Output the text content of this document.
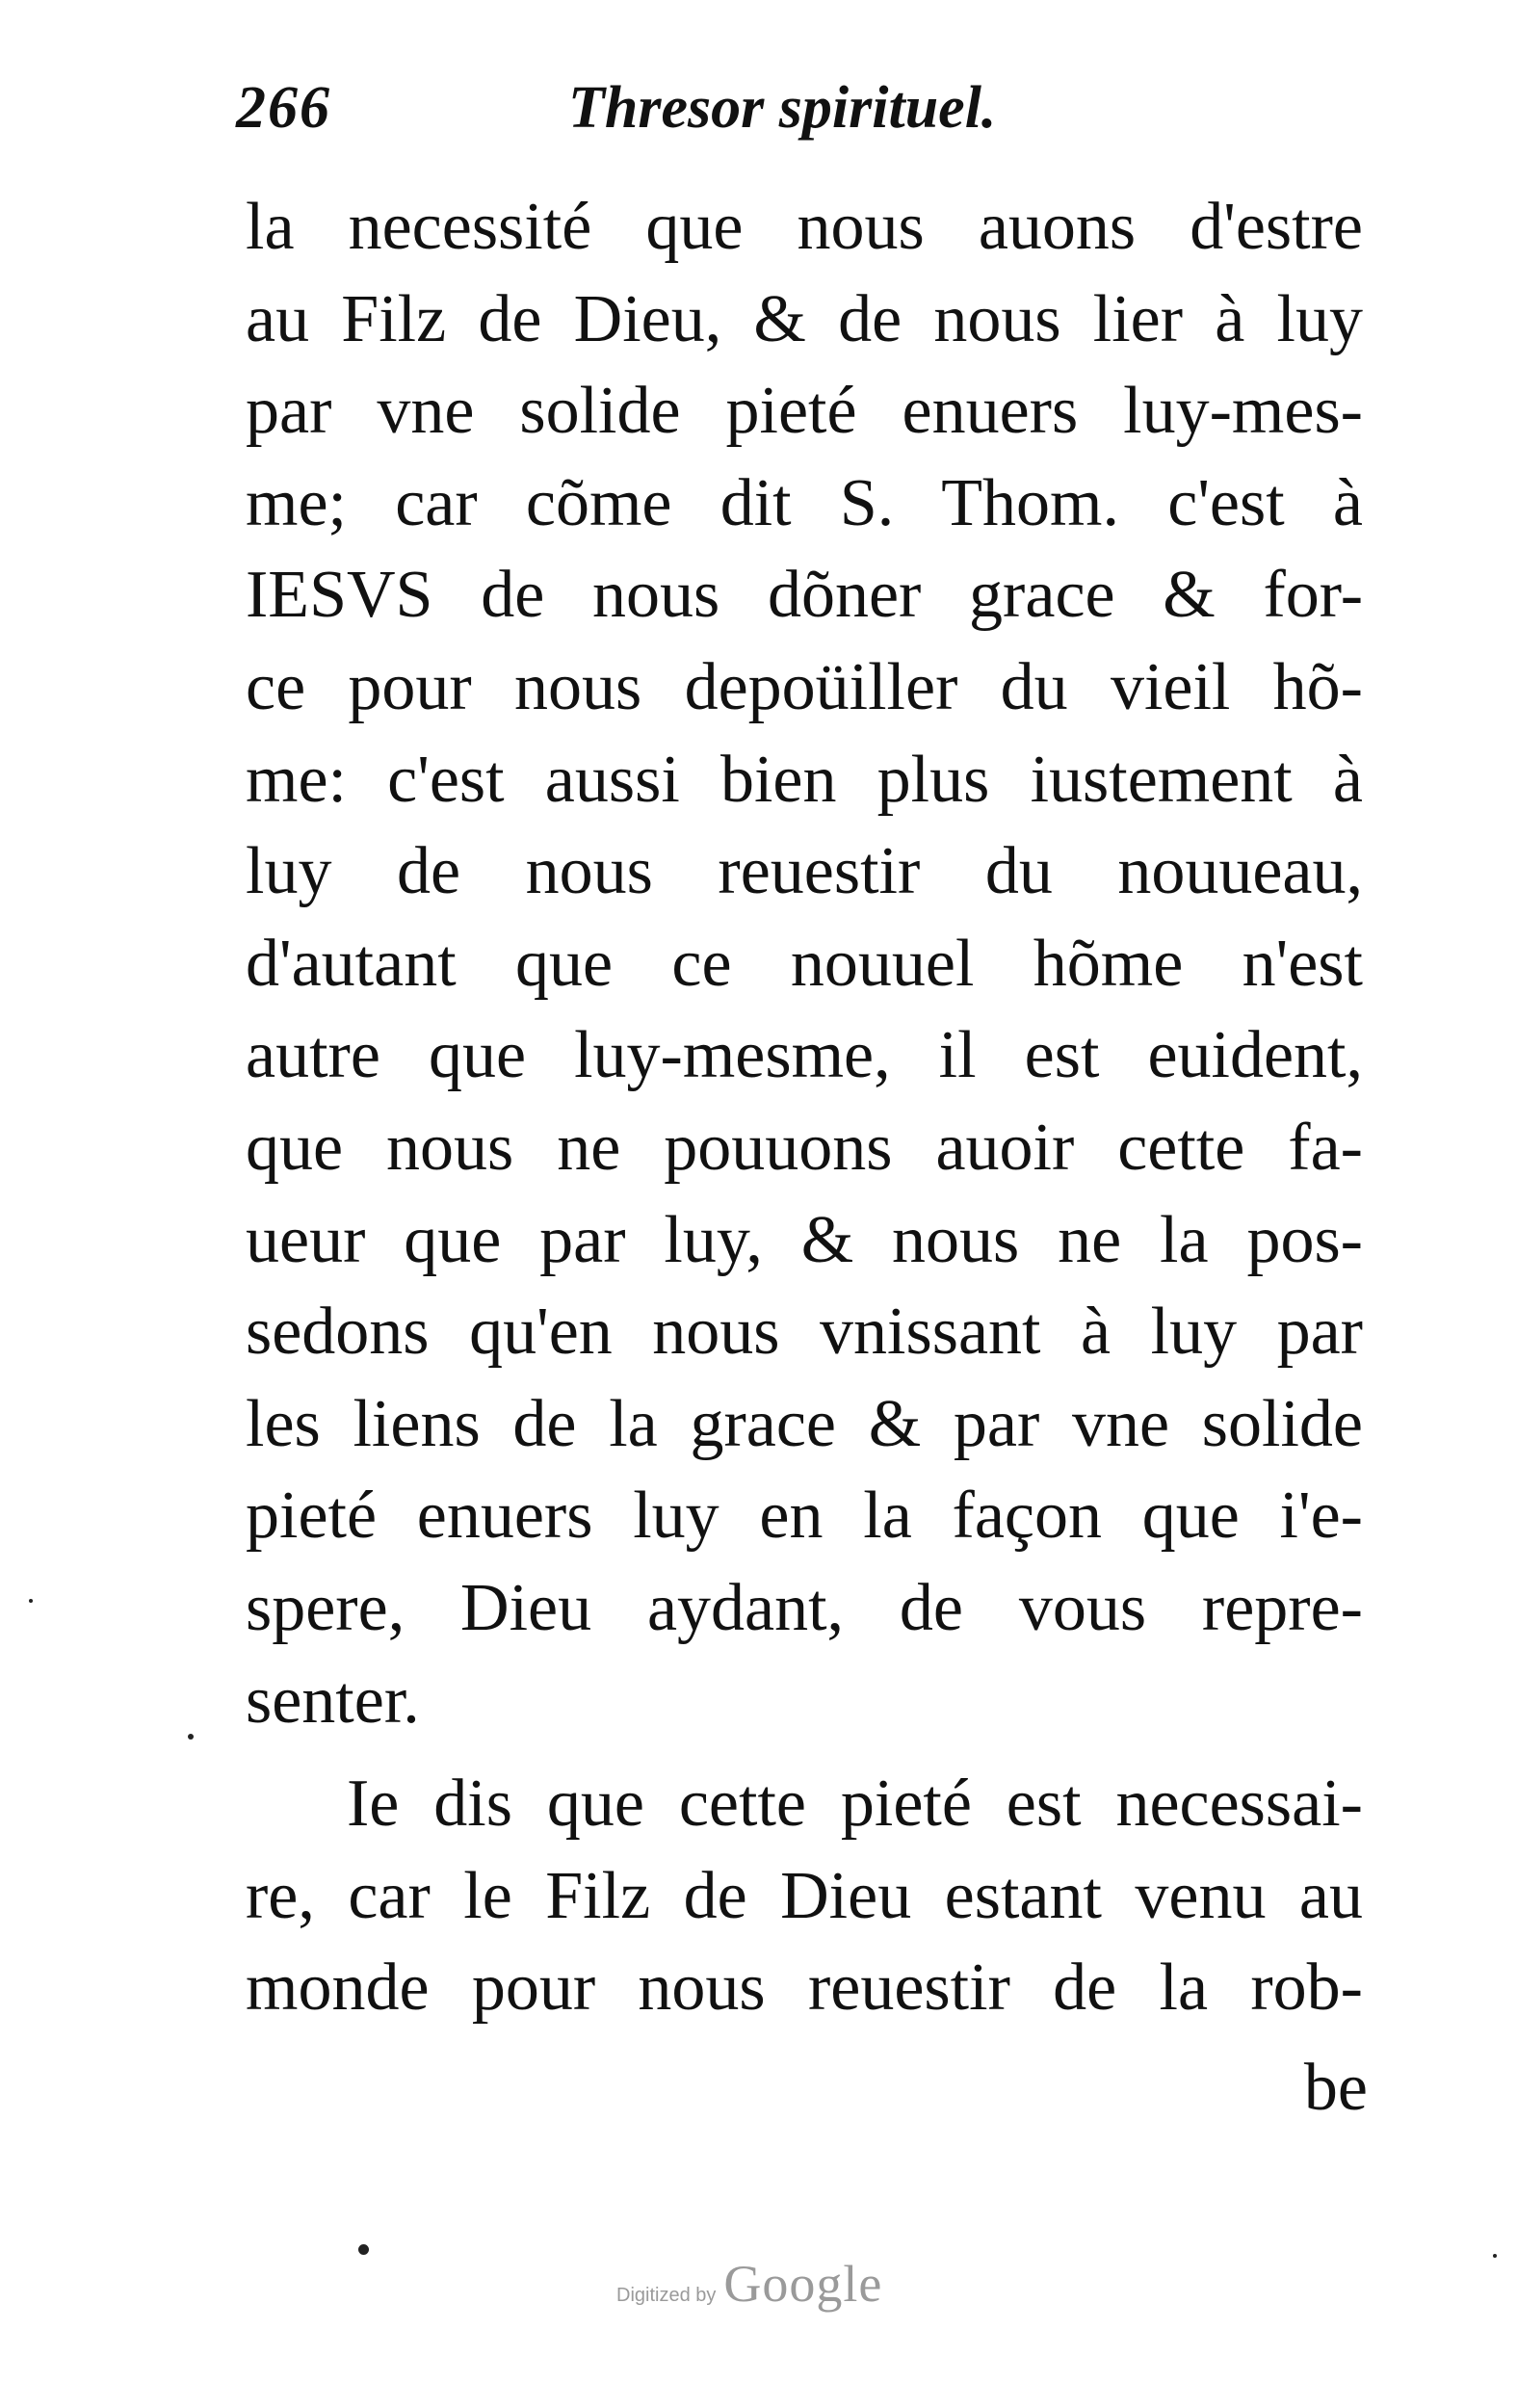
266	Thresor spirituel.
la necessité que nous auons d'estre
au Filz de Dieu, & de nous lier à luy
par vne solide pieté enuers luy-mes-
me; car cõme dit S. Thom. c'est à
IESVS de nous dõner grace & for-
ce pour nous depoüiller du vieil hõ-
me: c'est aussi bien plus iustement à
luy de nous reuestir du nouueau,
d'autant que ce nouuel hõme n'est
autre que luy-mesme, il est euident,
que nous ne pouuons auoir cette fa-
ueur que par luy, & nous ne la pos-
sedons qu'en nous vnissant à luy par
les liens de la grace & par vne solide
pieté enuers luy en la façon que i'e-
spere, Dieu aydant, de vous repre-
senter.
Ie dis que cette pieté est necessai-
re, car le Filz de Dieu estant venu au
monde pour nous reuestir de la rob-
be
Digitized by Google
